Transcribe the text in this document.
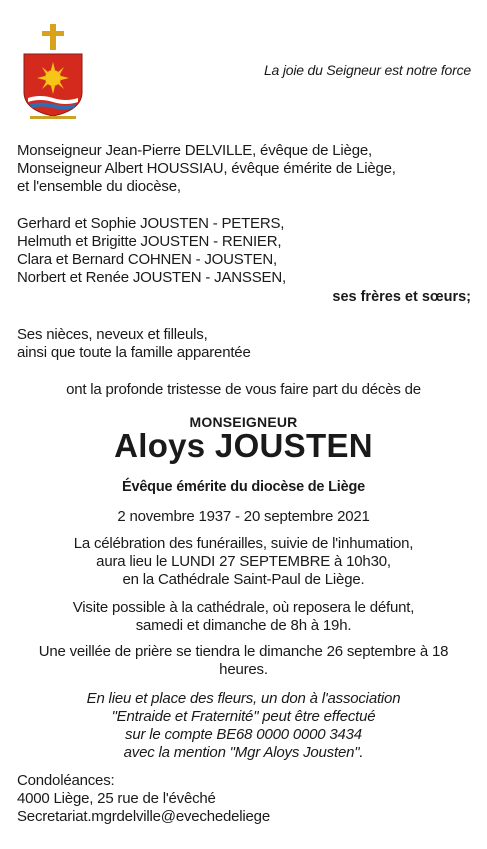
La joie du Seigneur est notre force
Monseigneur Jean-Pierre DELVILLE, évêque de Liège,
Monseigneur Albert HOUSSIAU, évêque émérite de Liège,
et l'ensemble du diocèse,
Gerhard et Sophie JOUSTEN - PETERS,
Helmuth et Brigitte JOUSTEN - RENIER,
Clara et Bernard COHNEN - JOUSTEN,
Norbert et Renée JOUSTEN - JANSSEN,
ses frères et sœurs;
Ses nièces, neveux et filleuls,
ainsi que toute la famille apparentée
ont la profonde tristesse de vous faire part du décès de
MONSEIGNEUR
Aloys JOUSTEN
Évêque émérite du diocèse de Liège
2 novembre 1937 - 20 septembre 2021
La célébration des funérailles, suivie de l'inhumation,
aura lieu le LUNDI 27 SEPTEMBRE à 10h30,
en la Cathédrale Saint-Paul de Liège.
Visite possible à la cathédrale, où reposera le défunt,
samedi et dimanche de 8h à 19h.
Une veillée de prière se tiendra le dimanche 26 septembre à 18
heures.
En lieu et place des fleurs, un don à l'association
"Entraide et Fraternité" peut être effectué
sur le compte BE68 0000 0000 3434
avec la mention "Mgr Aloys Jousten".
Condoléances:
4000 Liège, 25 rue de l'évêché
Secretariat.mgrdelville@evechedeliege
